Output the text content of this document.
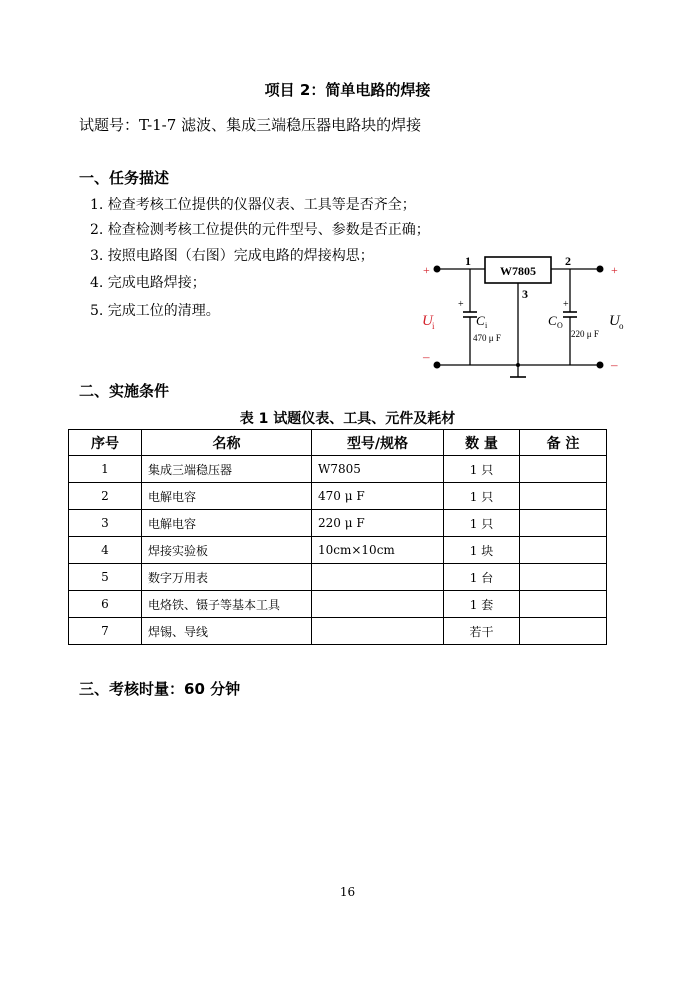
项目 2：简单电路的焊接
试题号：T-1-7 滤波、集成三端稳压器电路块的焊接
一、任务描述
1. 检查考核工位提供的仪器仪表、工具等是否齐全；
2. 检查检测考核工位提供的元件型号、参数是否正确；
3. 按照电路图（右图）完成电路的焊接构思；
4. 完成电路焊接；
5. 完成工位的清理。
W7805
1	2
3
+	+
–
–
U i	U o
+
C i
470 μ F
+
C O
220 μ F
二、实施条件
表 1 试题仪表、工具、元件及耗材
序号	名称	型号/规格	数 量	备 注
1	集成三端稳压器	W7805	1 只	
2	电解电容	470 μ F	1 只	
3	电解电容	220 μ F	1 只	
4	焊接实验板	10cm×10cm	1 块	
5	数字万用表		1 台	
6	电烙铁、镊子等基本工具		1 套	
7	焊锡、导线		若干	
三、考核时量：60 分钟
16
